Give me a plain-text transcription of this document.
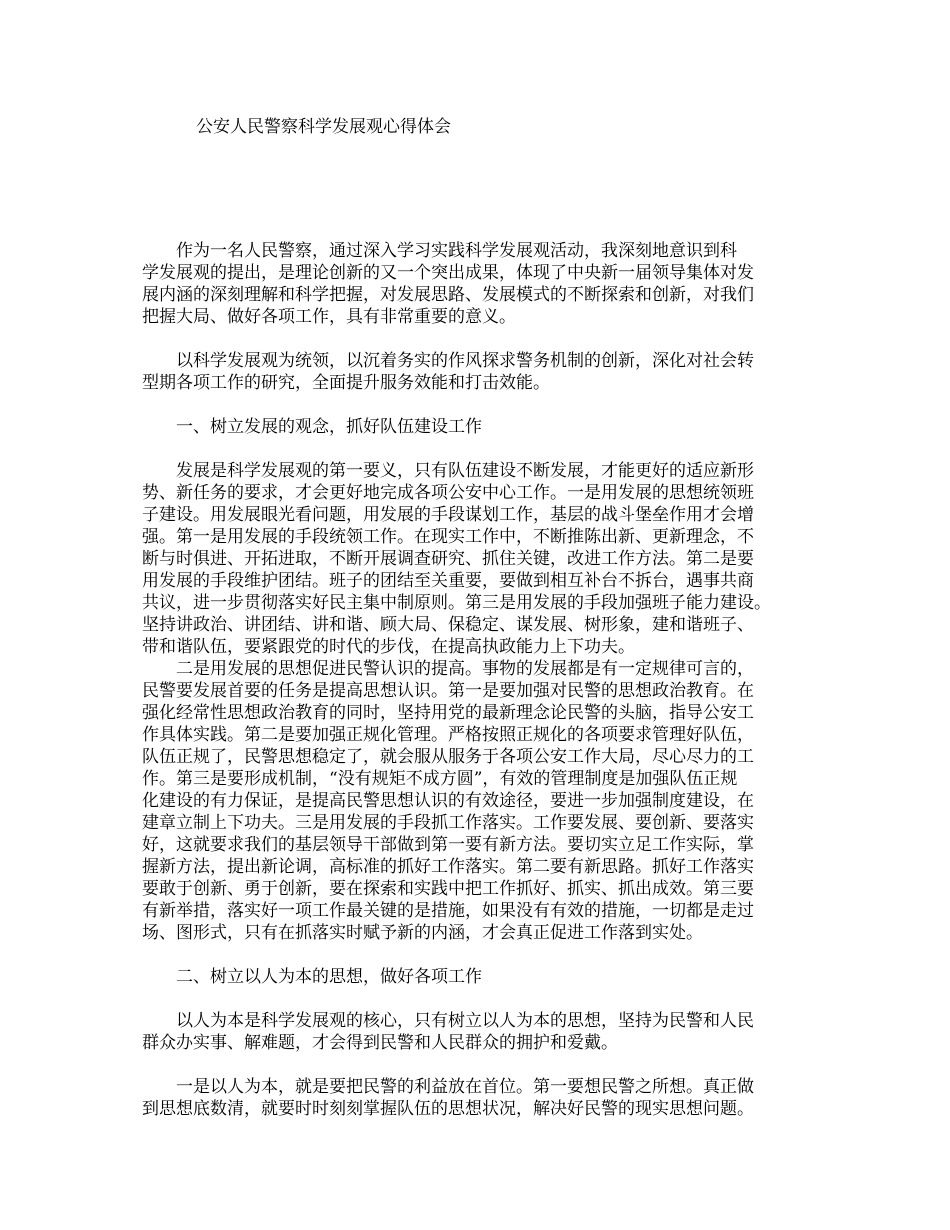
公安人民警察科学发展观心得体会
　　作为一名人民警察，通过深入学习实践科学发展观活动，我深刻地意识到科
学发展观的提出，是理论创新的又一个突出成果，体现了中央新一届领导集体对发
展内涵的深刻理解和科学把握，对发展思路、发展模式的不断探索和创新，对我们
把握大局、做好各项工作，具有非常重要的意义。
　　以科学发展观为统领，以沉着务实的作风探求警务机制的创新，深化对社会转
型期各项工作的研究，全面提升服务效能和打击效能。
　　一、树立发展的观念，抓好队伍建设工作
　　发展是科学发展观的第一要义，只有队伍建设不断发展，才能更好的适应新形
势、新任务的要求，才会更好地完成各项公安中心工作。一是用发展的思想统领班
子建设。用发展眼光看问题，用发展的手段谋划工作，基层的战斗堡垒作用才会增
强。第一是用发展的手段统领工作。在现实工作中，不断推陈出新、更新理念，不
断与时俱进、开拓进取，不断开展调查研究、抓住关键，改进工作方法。第二是要
用发展的手段维护团结。班子的团结至关重要，要做到相互补台不拆台，遇事共商
共议，进一步贯彻落实好民主集中制原则。第三是用发展的手段加强班子能力建设。
坚持讲政治、讲团结、讲和谐、顾大局、保稳定、谋发展、树形象，建和谐班子、
带和谐队伍，要紧跟党的时代的步伐，在提高执政能力上下功夫。
　　二是用发展的思想促进民警认识的提高。事物的发展都是有一定规律可言的，
民警要发展首要的任务是提高思想认识。第一是要加强对民警的思想政治教育。在
强化经常性思想政治教育的同时，坚持用党的最新理念论民警的头脑，指导公安工
作具体实践。第二是要加强正规化管理。严格按照正规化的各项要求管理好队伍，
队伍正规了，民警思想稳定了，就会服从服务于各项公安工作大局，尽心尽力的工
作。第三是要形成机制，“没有规矩不成方圆”，有效的管理制度是加强队伍正规
化建设的有力保证，是提高民警思想认识的有效途径，要进一步加强制度建设，在
建章立制上下功夫。三是用发展的手段抓工作落实。工作要发展、要创新、要落实
好，这就要求我们的基层领导干部做到第一要有新方法。要切实立足工作实际，掌
握新方法，提出新论调，高标准的抓好工作落实。第二要有新思路。抓好工作落实
要敢于创新、勇于创新，要在探索和实践中把工作抓好、抓实、抓出成效。第三要
有新举措，落实好一项工作最关键的是措施，如果没有有效的措施，一切都是走过
场、图形式，只有在抓落实时赋予新的内涵，才会真正促进工作落到实处。
　　二、树立以人为本的思想，做好各项工作
　　以人为本是科学发展观的核心，只有树立以人为本的思想，坚持为民警和人民
群众办实事、解难题，才会得到民警和人民群众的拥护和爱戴。
　　一是以人为本，就是要把民警的利益放在首位。第一要想民警之所想。真正做
到思想底数清，就要时时刻刻掌握队伍的思想状况，解决好民警的现实思想问题。
